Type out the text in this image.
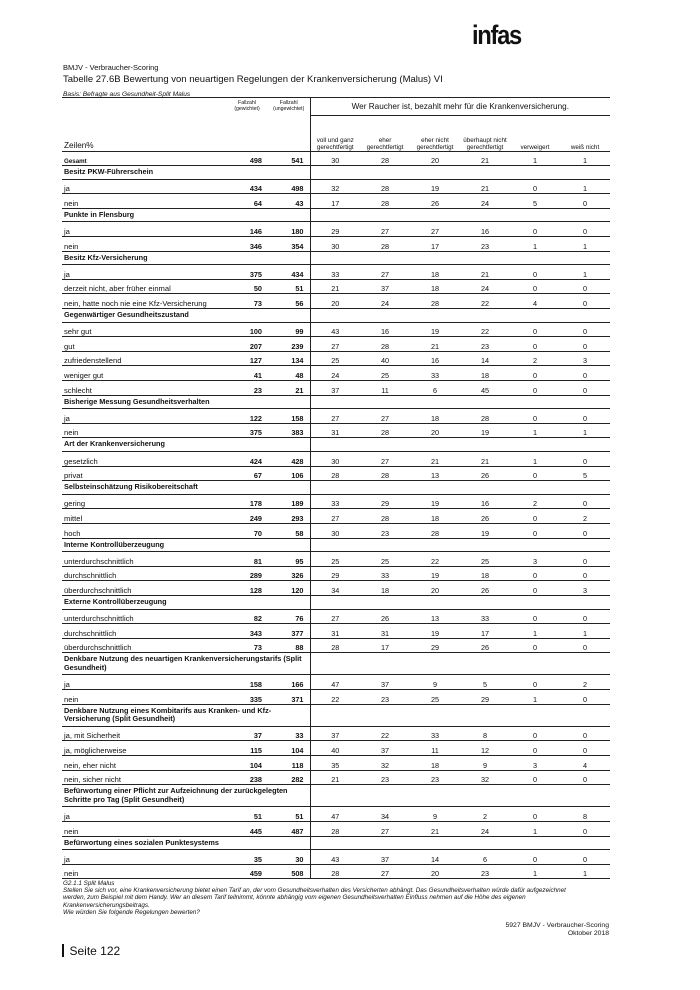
infas
BMJV - Verbraucher-Scoring
Tabelle 27.6B Bewertung von neuartigen Regelungen der Krankenversicherung (Malus) VI
Basis: Befragte aus Gesundheit-Split Malus
	Fallzahl (gewichtet)	Fallzahl (ungewichtet)	Wer Raucher ist, bezahlt mehr für die Krankenversicherung.					
Zeilen%			voll und ganz gerechtfertigt	eher gerechtfertigt	eher nicht gerechtfertigt	überhaupt nicht gerechtfertigt	verweigert	weiß nicht
Gesamt	498	541	30	28	20	21	1	1
Besitz PKW-Führerschein								
ja	434	498	32	28	19	21	0	1
nein	64	43	17	28	26	24	5	0
Punkte in Flensburg								
ja	146	180	29	27	27	16	0	0
nein	346	354	30	28	17	23	1	1
Besitz Kfz-Versicherung								
ja	375	434	33	27	18	21	0	1
derzeit nicht, aber früher einmal	50	51	21	37	18	24	0	0
nein, hatte noch nie eine Kfz-Versicherung	73	56	20	24	28	22	4	0
Gegenwärtiger Gesundheitszustand								
sehr gut	100	99	43	16	19	22	0	0
gut	207	239	27	28	21	23	0	0
zufriedenstellend	127	134	25	40	16	14	2	3
weniger gut	41	48	24	25	33	18	0	0
schlecht	23	21	37	11	6	45	0	0
Bisherige Messung Gesundheitsverhalten								
ja	122	158	27	27	18	28	0	0
nein	375	383	31	28	20	19	1	1
Art der Krankenversicherung								
gesetzlich	424	428	30	27	21	21	1	0
privat	67	106	28	28	13	26	0	5
Selbsteinschätzung Risikobereitschaft								
gering	178	189	33	29	19	16	2	0
mittel	249	293	27	28	18	26	0	2
hoch	70	58	30	23	28	19	0	0
Interne Kontrollüberzeugung								
unterdurchschnittlich	81	95	25	25	22	25	3	0
durchschnittlich	289	326	29	33	19	18	0	0
überdurchschnittlich	128	120	34	18	20	26	0	3
Externe Kontrollüberzeugung								
unterdurchschnittlich	82	76	27	26	13	33	0	0
durchschnittlich	343	377	31	31	19	17	1	1
überdurchschnittlich	73	88	28	17	29	26	0	0
Denkbare Nutzung des neuartigen Krankenversicherungstarifs (Split Gesundheit)								
ja	158	166	47	37	9	5	0	2
nein	335	371	22	23	25	29	1	0
Denkbare Nutzung eines Kombitarifs aus Kranken- und Kfz-Versicherung (Split Gesundheit)								
ja, mit Sicherheit	37	33	37	22	33	8	0	0
ja, möglicherweise	115	104	40	37	11	12	0	0
nein, eher nicht	104	118	35	32	18	9	3	4
nein, sicher nicht	238	282	21	23	23	32	0	0
Befürwortung einer Pflicht zur Aufzeichnung der zurückgelegten Schritte pro Tag (Split Gesundheit)								
ja	51	51	47	34	9	2	0	8
nein	445	487	28	27	21	24	1	0
Befürwortung eines sozialen Punktesystems								
ja	35	30	43	37	14	6	0	0
nein	459	508	28	27	20	23	1	1
G2.1.1 Split Malus
Stellen Sie sich vor, eine Krankenversicherung bietet einen Tarif an, der vom Gesundheitsverhalten des Versicherten abhängt. Das Gesundheitsverhalten würde dafür aufgezeichnet werden, zum Beispiel mit dem Handy. Wer an diesem Tarif teilnimmt, könnte abhängig vom eigenen Gesundheitsverhalten Einfluss nehmen auf die Höhe des eigenen Krankenversicherungsbeitrags.
Wie würden Sie folgende Regelungen bewerten?
5927 BMJV - Verbraucher-Scoring
Oktober 2018
Seite 122
